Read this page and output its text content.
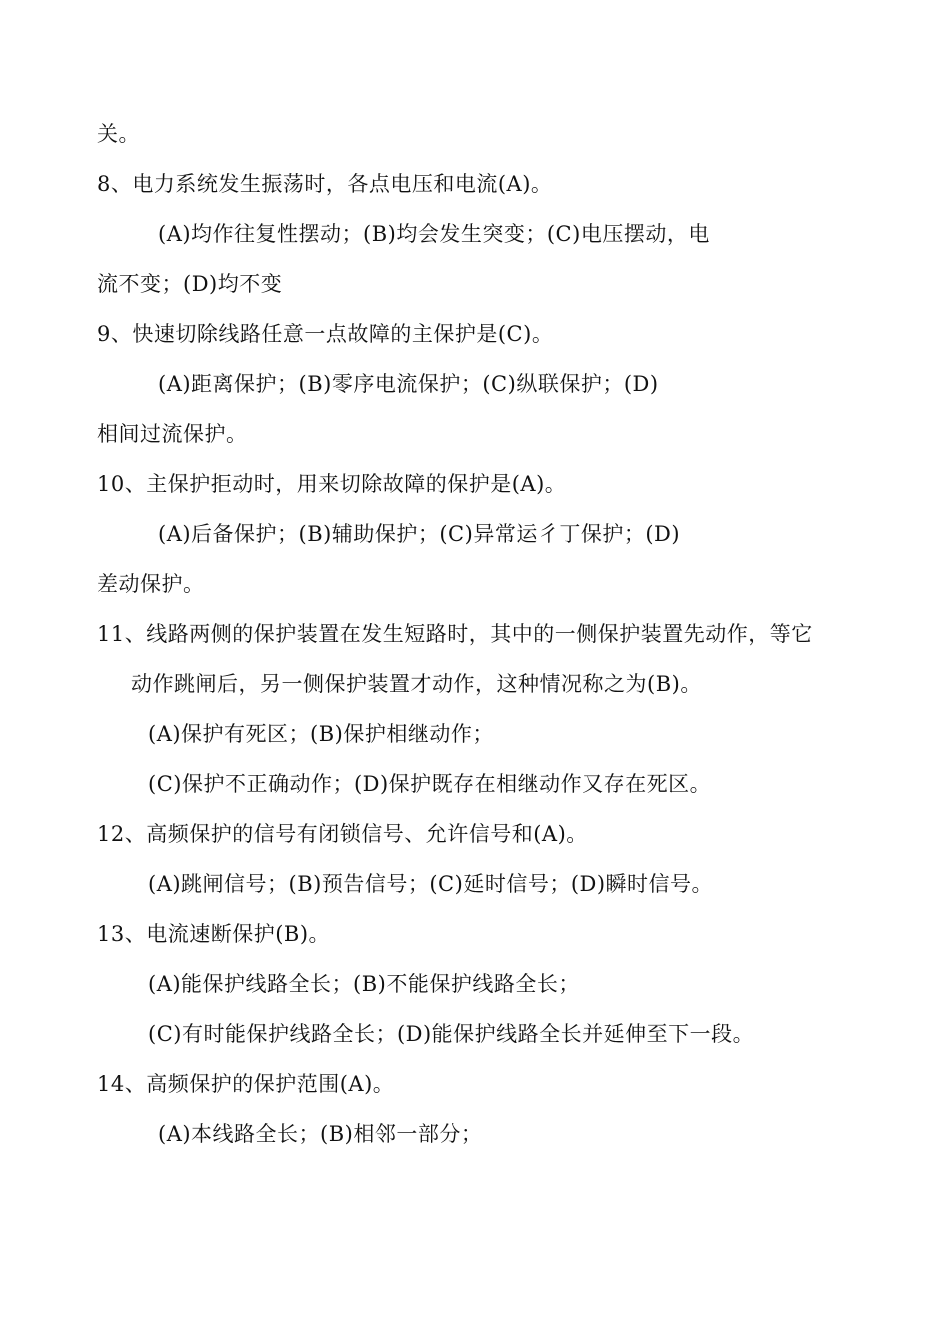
关。
8、电力系统发生振荡时，各点电压和电流(A)。
(A)均作往复性摆动；(B)均会发生突变；(C)电压摆动，电
流不变；(D)均不变
9、快速切除线路任意一点故障的主保护是(C)。
(A)距离保护；(B)零序电流保护；(C)纵联保护；(D)
相间过流保护。
10、主保护拒动时，用来切除故障的保护是(A)。
(A)后备保护；(B)辅助保护；(C)异常运彳丁保护；(D)
差动保护。
11、线路两侧的保护装置在发生短路时，其中的一侧保护装置先动作，等它
动作跳闸后，另一侧保护装置才动作，这种情况称之为(B)。
(A)保护有死区；(B)保护相继动作；
(C)保护不正确动作；(D)保护既存在相继动作又存在死区。
12、高频保护的信号有闭锁信号、允许信号和(A)。
(A)跳闸信号；(B)预告信号；(C)延时信号；(D)瞬时信号。
13、电流速断保护(B)。
(A)能保护线路全长；(B)不能保护线路全长；
(C)有时能保护线路全长；(D)能保护线路全长并延伸至下一段。
14、高频保护的保护范围(A)。
(A)本线路全长；(B)相邻一部分；
